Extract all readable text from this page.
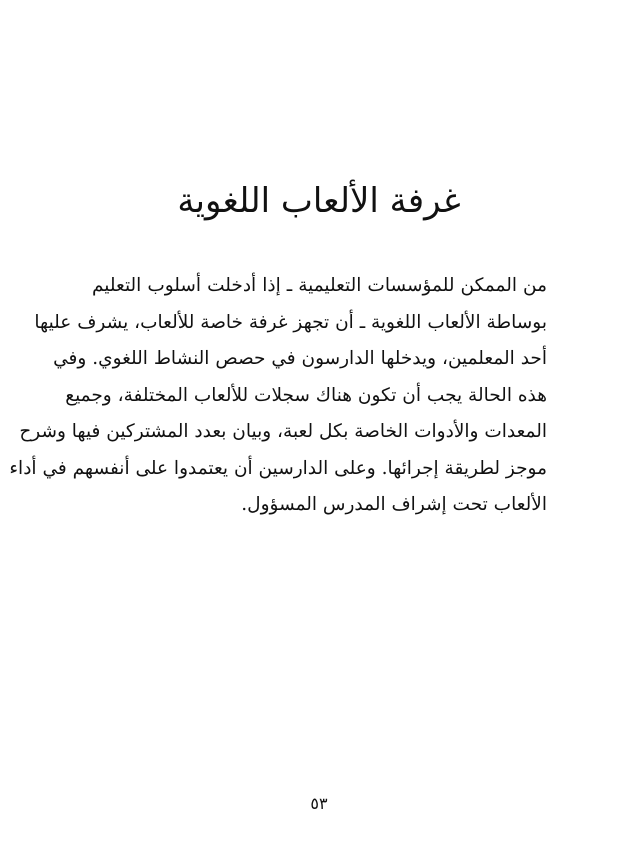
غرفة الألعاب اللغوية
من الممكن للمؤسسات التعليمية ـ إذا أدخلت أسلوب التعليم
بوساطة الألعاب اللغوية ـ أن تجهز غرفة خاصة للألعاب، يشرف عليها
أحد المعلمين، ويدخلها الدارسون في حصص النشاط اللغوي. وفي
هذه الحالة يجب أن تكون هناك سجلات للألعاب المختلفة، وجميع
المعدات والأدوات الخاصة بكل لعبة، وبيان بعدد المشتركين فيها وشرح
موجز لطريقة إجرائها. وعلى الدارسين أن يعتمدوا على أنفسهم في أداء
الألعاب تحت إشراف المدرس المسؤول.
٥٣
